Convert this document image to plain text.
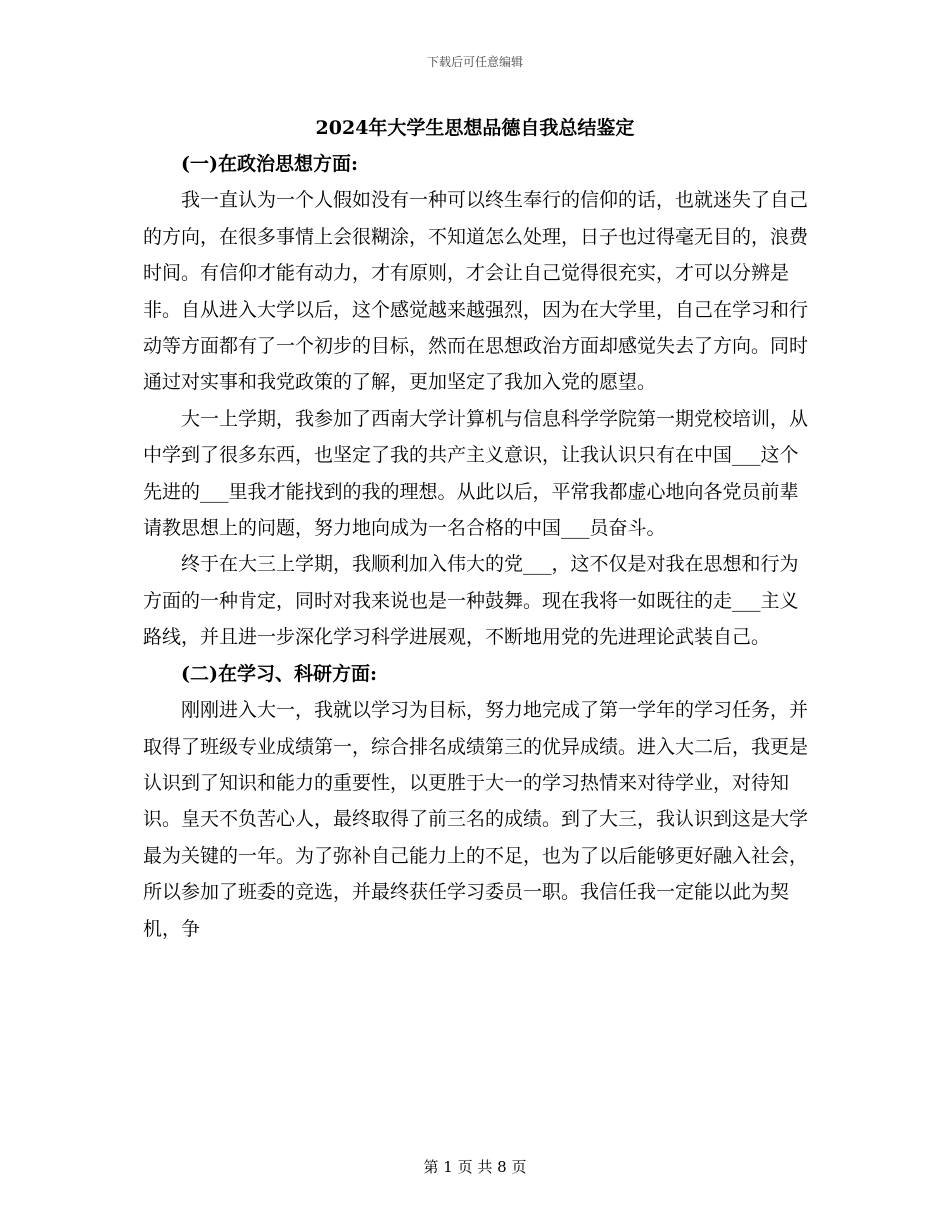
下载后可任意编辑
2024年大学生思想品德自我总结鉴定

(一)在政治思想方面:

我一直认为一个人假如没有一种可以终生奉行的信仰的话，也就迷失了自己的方向，在很多事情上会很糊涂，不知道怎么处理，日子也过得毫无目的，浪费时间。有信仰才能有动力，才有原则，才会让自己觉得很充实，才可以分辨是非。自从进入大学以后，这个感觉越来越强烈，因为在大学里，自己在学习和行动等方面都有了一个初步的目标，然而在思想政治方面却感觉失去了方向。同时通过对实事和我党政策的了解，更加坚定了我加入党的愿望。

大一上学期，我参加了西南大学计算机与信息科学学院第一期党校培训，从中学到了很多东西，也坚定了我的共产主义意识，让我认识只有在中国___这个先进的___里我才能找到的我的理想。从此以后，平常我都虚心地向各党员前辈请教思想上的问题，努力地向成为一名合格的中国___员奋斗。

终于在大三上学期，我顺利加入伟大的党___，这不仅是对我在思想和行为方面的一种肯定，同时对我来说也是一种鼓舞。现在我将一如既往的走___主义路线，并且进一步深化学习科学进展观，不断地用党的先进理论武装自己。

(二)在学习、科研方面:

刚刚进入大一，我就以学习为目标，努力地完成了第一学年的学习任务，并取得了班级专业成绩第一，综合排名成绩第三的优异成绩。进入大二后，我更是认识到了知识和能力的重要性，以更胜于大一的学习热情来对待学业，对待知识。皇天不负苦心人，最终取得了前三名的成绩。到了大三，我认识到这是大学最为关键的一年。为了弥补自己能力上的不足，也为了以后能够更好融入社会，所以参加了班委的竞选，并最终获任学习委员一职。我信任我一定能以此为契机，争

第 1 页 共 8 页
